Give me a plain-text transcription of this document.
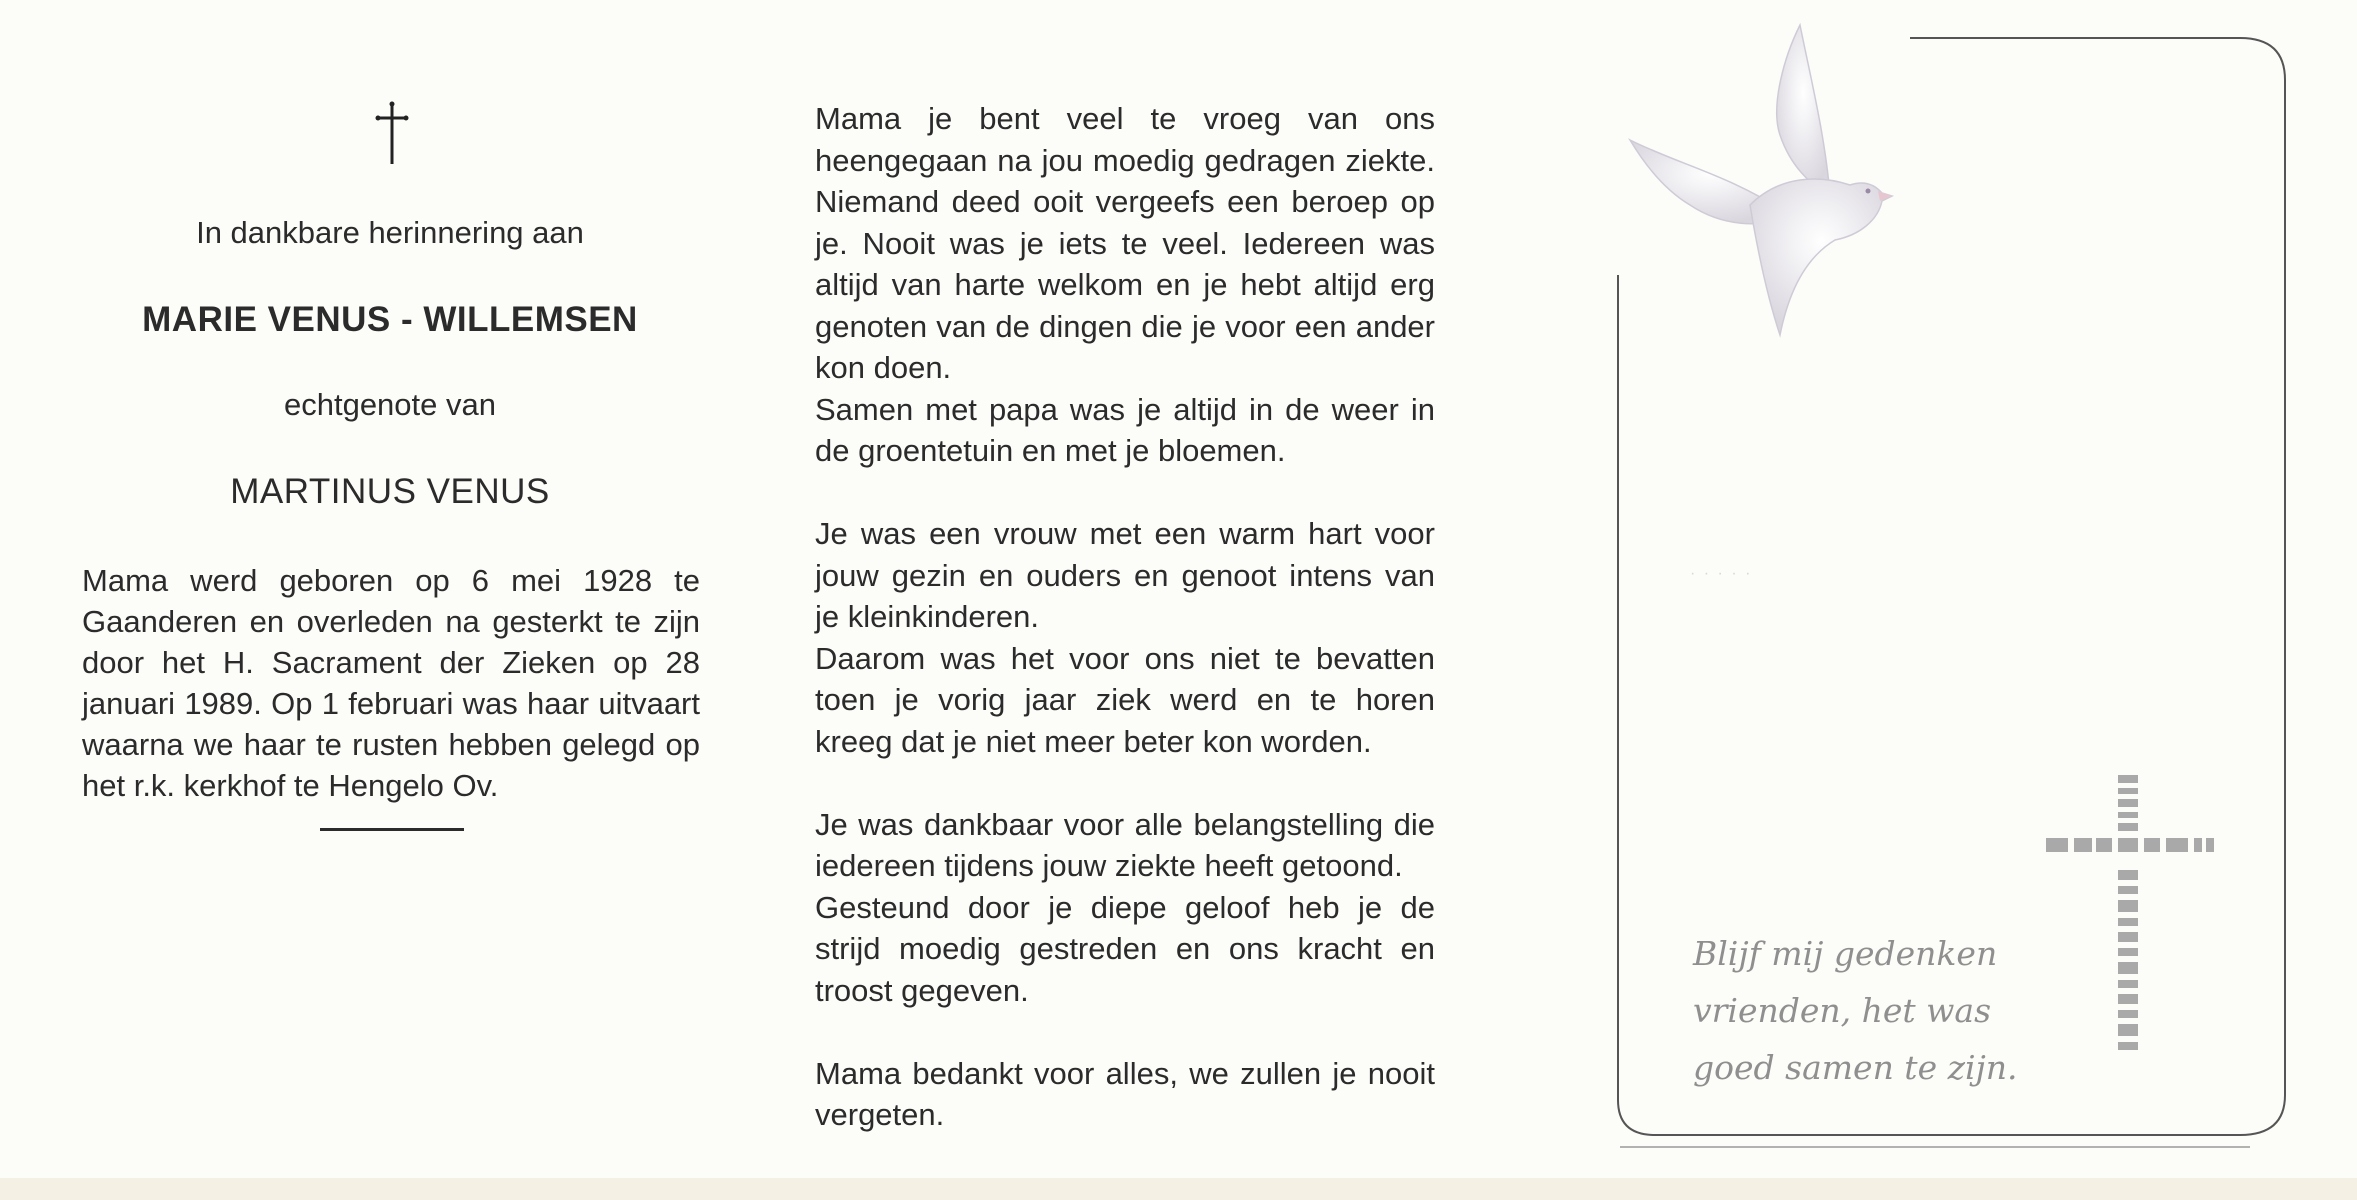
In dankbare herinnering aan
MARIE VENUS - WILLEMSEN
echtgenote van
MARTINUS VENUS
Mama werd geboren op 6 mei 1928 te Gaanderen en overleden na gesterkt te zijn door het H. Sacrament der Zieken op 28 januari 1989. Op 1 februari was haar uitvaart waarna we haar te rusten hebben gelegd op het r.k. kerkhof te Hengelo Ov.

Mama je bent veel te vroeg van ons heengegaan na jou moedig gedragen ziekte. Niemand deed ooit vergeefs een beroep op je. Nooit was je iets te veel. Iedereen was altijd van harte welkom en je hebt altijd erg genoten van de dingen die je voor een ander kon doen.

Samen met papa was je altijd in de weer in de groentetuin en met je bloemen.

Je was een vrouw met een warm hart voor jouw gezin en ouders en genoot intens van je kleinkinderen.

Daarom was het voor ons niet te bevatten toen je vorig jaar ziek werd en te horen kreeg dat je niet meer beter kon worden.

Je was dankbaar voor alle belangstelling die iedereen tijdens jouw ziekte heeft getoond.

Gesteund door je diepe geloof heb je de strijd moedig gestreden en ons kracht en troost gegeven.

Mama bedankt voor alles, we zullen je nooit vergeten.

· · · · ·
Blijf mij gedenken
vrienden, het was
goed samen te zijn.
